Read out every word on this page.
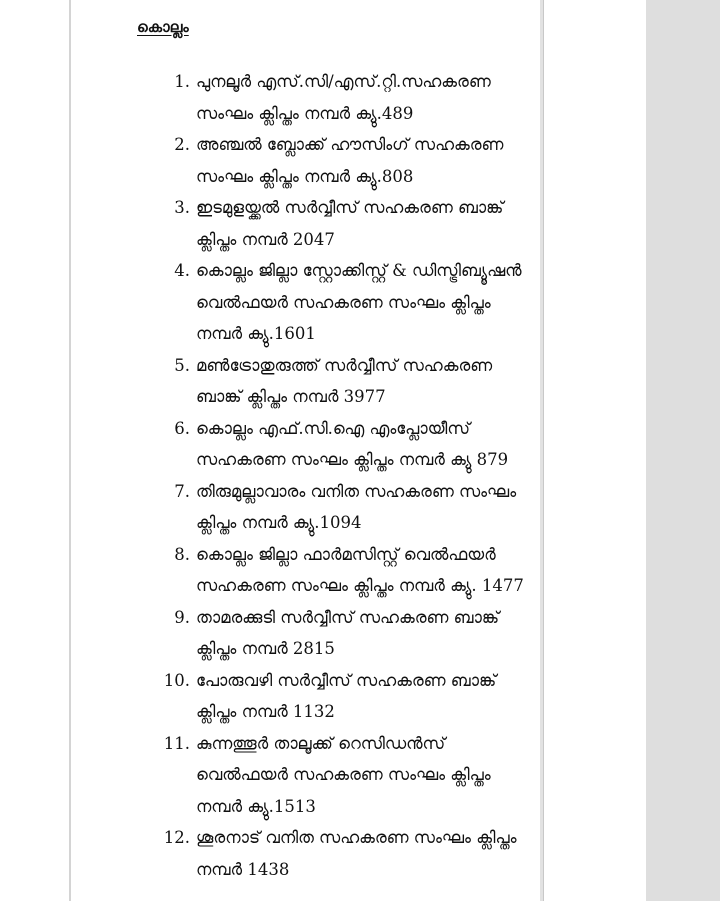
കൊല്ലം
1. പുനലൂർ എസ്.സി/എസ്.റ്റി.സഹകരണ
സംഘം ക്ലിപ്തം നമ്പർ ക്യു.489
2. അഞ്ചൽ ബ്ലോക്ക് ഹൗസിംഗ് സഹകരണ
സംഘം ക്ലിപ്തം നമ്പർ ക്യു.808
3. ഇടമുളയ്ക്കൽ സർവ്വീസ് സഹകരണ ബാങ്ക്
ക്ലിപ്തം നമ്പർ 2047
4. കൊല്ലം ജില്ലാ സ്റ്റോക്കിസ്റ്റ് & ഡിസ്ട്രിബ്യൂഷൻ
വെൽഫയർ സഹകരണ സംഘം ക്ലിപ്തം
നമ്പർ ക്യു.1601
5. മൺട്രോതുരുത്ത് സർവ്വീസ് സഹകരണ
ബാങ്ക് ക്ലിപ്തം നമ്പർ 3977
6. കൊല്ലം എഫ്.സി.ഐ എംപ്ലോയീസ്
സഹകരണ സംഘം ക്ലിപ്തം നമ്പർ ക്യു 879
7. തിരുമുല്ലാവാരം വനിത സഹകരണ സംഘം
ക്ലിപ്തം നമ്പർ ക്യു.1094
8. കൊല്ലം ജില്ലാ ഫാർമസിസ്റ്റ് വെൽഫയർ
സഹകരണ സംഘം ക്ലിപ്തം നമ്പർ ക്യു. 1477
9. താമരക്കുടി സർവ്വീസ് സഹകരണ ബാങ്ക്
ക്ലിപ്തം നമ്പർ 2815
10. പോരുവഴി സർവ്വീസ് സഹകരണ ബാങ്ക്
ക്ലിപ്തം നമ്പർ 1132
11. കുന്നത്തൂർ താലൂക്ക് റെസിഡൻസ്
വെൽഫയർ സഹകരണ സംഘം ക്ലിപ്തം
നമ്പർ ക്യു.1513
12. ശൂരനാട് വനിത സഹകരണ സംഘം ക്ലിപ്തം
നമ്പർ 1438
